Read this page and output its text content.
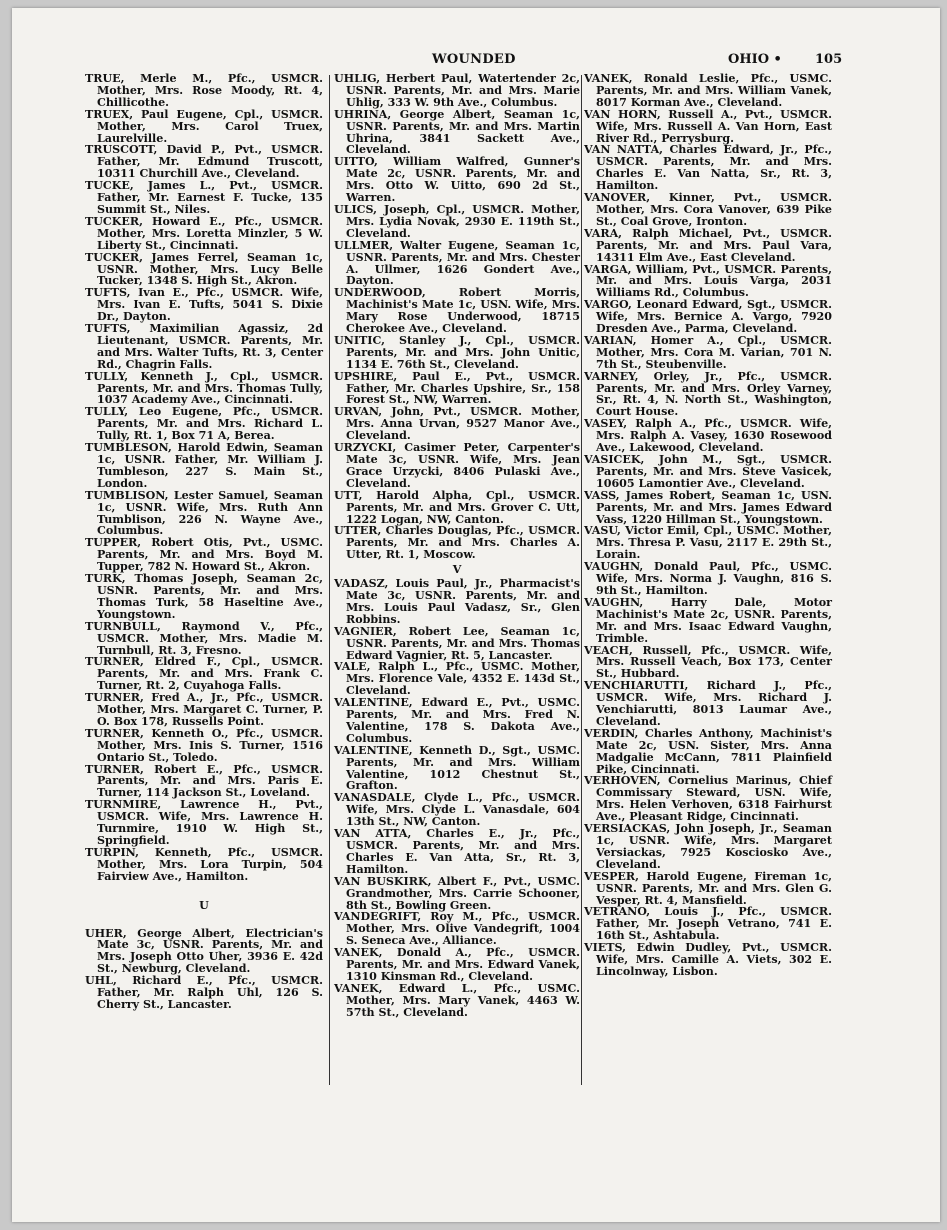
WOUNDED	OHIO •	105

TRUE, Merle M., Pfc., USMCR. Mother, Mrs. Rose Moody, Rt. 4, Chillicothe.

TRUEX, Paul Eugene, Cpl., USMCR. Mother, Mrs. Carol Truex, Laurelville.

TRUSCOTT, David P., Pvt., USMCR. Father, Mr. Edmund Truscott, 10311 Churchill Ave., Cleveland.

TUCKE, James L., Pvt., USMCR. Father, Mr. Earnest F. Tucke, 135 Summit St., Niles.

TUCKER, Howard E., Pfc., USMCR. Mother, Mrs. Loretta Minzler, 5 W. Liberty St., Cincinnati.

TUCKER, James Ferrel, Seaman 1c, USNR. Mother, Mrs. Lucy Belle Tucker, 1348 S. High St., Akron.

TUFTS, Ivan E., Pfc., USMCR. Wife, Mrs. Ivan E. Tufts, 5041 S. Dixie Dr., Dayton.

TUFTS, Maximilian Agassiz, 2d Lieutenant, USMCR. Parents, Mr. and Mrs. Walter Tufts, Rt. 3, Center Rd., Chagrin Falls.

TULLY, Kenneth J., Cpl., USMCR. Parents, Mr. and Mrs. Thomas Tully, 1037 Academy Ave., Cincinnati.

TULLY, Leo Eugene, Pfc., USMCR. Parents, Mr. and Mrs. Richard L. Tully, Rt. 1, Box 71 A, Berea.

TUMBLESON, Harold Edwin, Seaman 1c, USNR. Father, Mr. William J. Tumbleson, 227 S. Main St., London.

TUMBLISON, Lester Samuel, Seaman 1c, USNR. Wife, Mrs. Ruth Ann Tumblison, 226 N. Wayne Ave., Columbus.

TUPPER, Robert Otis, Pvt., USMC. Parents, Mr. and Mrs. Boyd M. Tupper, 782 N. Howard St., Akron.

TURK, Thomas Joseph, Seaman 2c, USNR. Parents, Mr. and Mrs. Thomas Turk, 58 Haseltine Ave., Youngstown.

TURNBULL, Raymond V., Pfc., USMCR. Mother, Mrs. Madie M. Turnbull, Rt. 3, Fresno.

TURNER, Eldred F., Cpl., USMCR. Parents, Mr. and Mrs. Frank C. Turner, Rt. 2, Cuyahoga Falls.

TURNER, Fred A., Jr., Pfc., USMCR. Mother, Mrs. Margaret C. Turner, P. O. Box 178, Russells Point.

TURNER, Kenneth O., Pfc., USMCR. Mother, Mrs. Inis S. Turner, 1516 Ontario St., Toledo.

TURNER, Robert E., Pfc., USMCR. Parents, Mr. and Mrs. Paris E. Turner, 114 Jackson St., Loveland.

TURNMIRE, Lawrence H., Pvt., USMCR. Wife, Mrs. Lawrence H. Turnmire, 1910 W. High St., Springfield.

TURPIN, Kenneth, Pfc., USMCR. Mother, Mrs. Lora Turpin, 504 Fairview Ave., Hamilton.

U

UHER, George Albert, Electrician's Mate 3c, USNR. Parents, Mr. and Mrs. Joseph Otto Uher, 3936 E. 42d St., Newburg, Cleveland.

UHL, Richard E., Pfc., USMCR. Father, Mr. Ralph Uhl, 126 S. Cherry St., Lancaster.

UHLIG, Herbert Paul, Watertender 2c, USNR. Parents, Mr. and Mrs. Marie Uhlig, 333 W. 9th Ave., Columbus.

UHRINA, George Albert, Seaman 1c, USNR. Parents, Mr. and Mrs. Martin Uhrina, 3841 Sackett Ave., Cleveland.

UITTO, William Walfred, Gunner's Mate 2c, USNR. Parents, Mr. and Mrs. Otto W. Uitto, 690 2d St., Warren.

ULICS, Joseph, Cpl., USMCR. Mother, Mrs. Lydia Novak, 2930 E. 119th St., Cleveland.

ULLMER, Walter Eugene, Seaman 1c, USNR. Parents, Mr. and Mrs. Chester A. Ullmer, 1626 Gondert Ave., Dayton.

UNDERWOOD, Robert Morris, Machinist's Mate 1c, USN. Wife, Mrs. Mary Rose Underwood, 18715 Cherokee Ave., Cleveland.

UNITIC, Stanley J., Cpl., USMCR. Parents, Mr. and Mrs. John Unitic, 1134 E. 76th St., Cleveland.

UPSHIRE, Paul E., Pvt., USMCR. Father, Mr. Charles Upshire, Sr., 158 Forest St., NW, Warren.

URVAN, John, Pvt., USMCR. Mother, Mrs. Anna Urvan, 9527 Manor Ave., Cleveland.

URZYCKI, Casimer Peter, Carpenter's Mate 3c, USNR. Wife, Mrs. Jean Grace Urzycki, 8406 Pulaski Ave., Cleveland.

UTT, Harold Alpha, Cpl., USMCR. Parents, Mr. and Mrs. Grover C. Utt, 1222 Logan, NW, Canton.

UTTER, Charles Douglas, Pfc., USMCR. Parents, Mr. and Mrs. Charles A. Utter, Rt. 1, Moscow.

V

VADASZ, Louis Paul, Jr., Pharmacist's Mate 3c, USNR. Parents, Mr. and Mrs. Louis Paul Vadasz, Sr., Glen Robbins.

VAGNIER, Robert Lee, Seaman 1c, USNR. Parents, Mr. and Mrs. Thomas Edward Vagnier, Rt. 5, Lancaster.

VALE, Ralph L., Pfc., USMC. Mother, Mrs. Florence Vale, 4352 E. 143d St., Cleveland.

VALENTINE, Edward E., Pvt., USMC. Parents, Mr. and Mrs. Fred N. Valentine, 178 S. Dakota Ave., Columbus.

VALENTINE, Kenneth D., Sgt., USMC. Parents, Mr. and Mrs. William Valentine, 1012 Chestnut St., Grafton.

VANASDALE, Clyde L., Pfc., USMCR. Wife, Mrs. Clyde L. Vanasdale, 604 13th St., NW, Canton.

VAN ATTA, Charles E., Jr., Pfc., USMCR. Parents, Mr. and Mrs. Charles E. Van Atta, Sr., Rt. 3, Hamilton.

VAN BUSKIRK, Albert F., Pvt., USMC. Grandmother, Mrs. Carrie Schooner, 8th St., Bowling Green.

VANDEGRIFT, Roy M., Pfc., USMCR. Mother, Mrs. Olive Vandegrift, 1004 S. Seneca Ave., Alliance.

VANEK, Donald A., Pfc., USMCR. Parents, Mr. and Mrs. Edward Vanek, 1310 Kinsman Rd., Cleveland.

VANEK, Edward L., Pfc., USMC. Mother, Mrs. Mary Vanek, 4463 W. 57th St., Cleveland.

VANEK, Ronald Leslie, Pfc., USMC. Parents, Mr. and Mrs. William Vanek, 8017 Korman Ave., Cleveland.

VAN HORN, Russell A., Pvt., USMCR. Wife, Mrs. Russell A. Van Horn, East River Rd., Perrysburg.

VAN NATTA, Charles Edward, Jr., Pfc., USMCR. Parents, Mr. and Mrs. Charles E. Van Natta, Sr., Rt. 3, Hamilton.

VANOVER, Kinner, Pvt., USMCR. Mother, Mrs. Cora Vanover, 639 Pike St., Coal Grove, Ironton.

VARA, Ralph Michael, Pvt., USMCR. Parents, Mr. and Mrs. Paul Vara, 14311 Elm Ave., East Cleveland.

VARGA, William, Pvt., USMCR. Parents, Mr. and Mrs. Louis Varga, 2031 Williams Rd., Columbus.

VARGO, Leonard Edward, Sgt., USMCR. Wife, Mrs. Bernice A. Vargo, 7920 Dresden Ave., Parma, Cleveland.

VARIAN, Homer A., Cpl., USMCR. Mother, Mrs. Cora M. Varian, 701 N. 7th St., Steubenville.

VARNEY, Orley, Jr., Pfc., USMCR. Parents, Mr. and Mrs. Orley Varney, Sr., Rt. 4, N. North St., Washington, Court House.

VASEY, Ralph A., Pfc., USMCR. Wife, Mrs. Ralph A. Vasey, 1630 Rosewood Ave., Lakewood, Cleveland.

VASICEK, John M., Sgt., USMCR. Parents, Mr. and Mrs. Steve Vasicek, 10605 Lamontier Ave., Cleveland.

VASS, James Robert, Seaman 1c, USN. Parents, Mr. and Mrs. James Edward Vass, 1220 Hillman St., Youngstown.

VASU, Victor Emil, Cpl., USMC. Mother, Mrs. Thresa P. Vasu, 2117 E. 29th St., Lorain.

VAUGHN, Donald Paul, Pfc., USMC. Wife, Mrs. Norma J. Vaughn, 816 S. 9th St., Hamilton.

VAUGHN, Harry Dale, Motor Machinist's Mate 2c, USNR. Parents, Mr. and Mrs. Isaac Edward Vaughn, Trimble.

VEACH, Russell, Pfc., USMCR. Wife, Mrs. Russell Veach, Box 173, Center St., Hubbard.

VENCHIARUTTI, Richard J., Pfc., USMCR. Wife, Mrs. Richard J. Venchiarutti, 8013 Laumar Ave., Cleveland.

VERDIN, Charles Anthony, Machinist's Mate 2c, USN. Sister, Mrs. Anna Madgalie McCann, 7811 Plainfield Pike, Cincinnati.

VERHOVEN, Cornelius Marinus, Chief Commissary Steward, USN. Wife, Mrs. Helen Verhoven, 6318 Fairhurst Ave., Pleasant Ridge, Cincinnati.

VERSIACKAS, John Joseph, Jr., Seaman 1c, USNR. Wife, Mrs. Margaret Versiackas, 7925 Kosciosko Ave., Cleveland.

VESPER, Harold Eugene, Fireman 1c, USNR. Parents, Mr. and Mrs. Glen G. Vesper, Rt. 4, Mansfield.

VETRANO, Louis J., Pfc., USMCR. Father, Mr. Joseph Vetrano, 741 E. 16th St., Ashtabula.

VIETS, Edwin Dudley, Pvt., USMCR. Wife, Mrs. Camille A. Viets, 302 E. Lincolnway, Lisbon.
